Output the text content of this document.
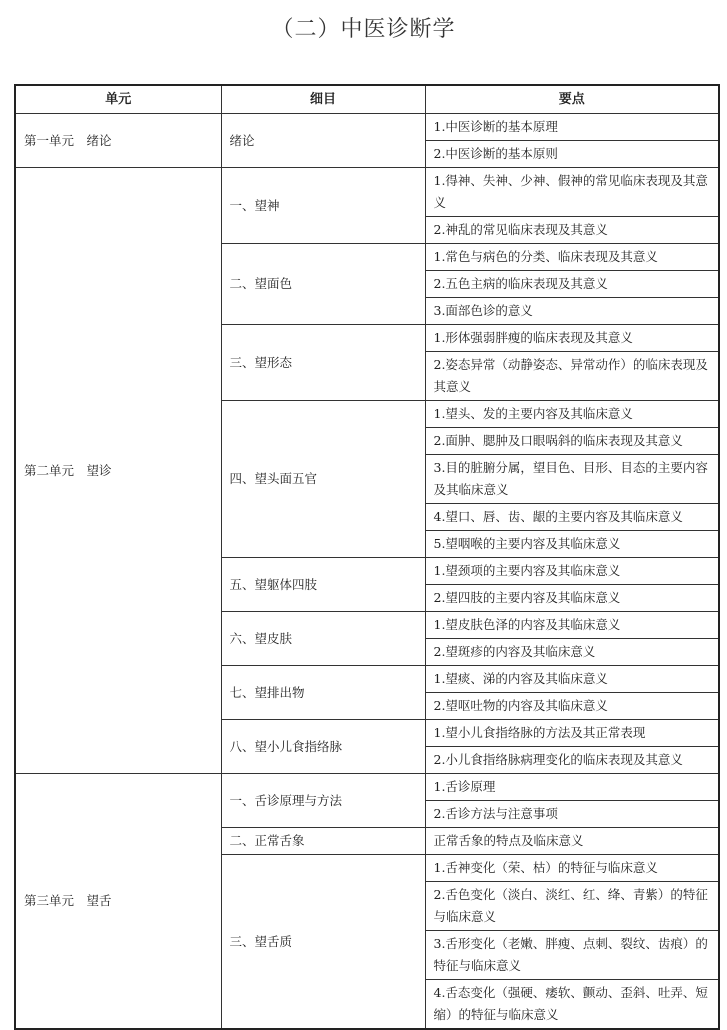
（二）中医诊断学
单元	细目	要点
第一单元　绪论	绪论	1.中医诊断的基本原理
		2.中医诊断的基本原则
第二单元　望诊	一、望神	1.得神、失神、少神、假神的常见临床表现及其意义
		2.神乱的常见临床表现及其意义
	二、望面色	1.常色与病色的分类、临床表现及其意义
		2.五色主病的临床表现及其意义
		3.面部色诊的意义
	三、望形态	1.形体强弱胖瘦的临床表现及其意义
		2.姿态异常（动静姿态、异常动作）的临床表现及其意义
	四、望头面五官	1.望头、发的主要内容及其临床意义
		2.面肿、腮肿及口眼㖞斜的临床表现及其意义
		3.目的脏腑分属，望目色、目形、目态的主要内容及其临床意义
		4.望口、唇、齿、龈的主要内容及其临床意义
		5.望咽喉的主要内容及其临床意义
	五、望躯体四肢	1.望颈项的主要内容及其临床意义
		2.望四肢的主要内容及其临床意义
	六、望皮肤	1.望皮肤色泽的内容及其临床意义
		2.望斑疹的内容及其临床意义
	七、望排出物	1.望痰、涕的内容及其临床意义
		2.望呕吐物的内容及其临床意义
	八、望小儿食指络脉	1.望小儿食指络脉的方法及其正常表现
		2.小儿食指络脉病理变化的临床表现及其意义
第三单元　望舌	一、舌诊原理与方法	1.舌诊原理
		2.舌诊方法与注意事项
	二、正常舌象	正常舌象的特点及临床意义
	三、望舌质	1.舌神变化（荣、枯）的特征与临床意义
		2.舌色变化（淡白、淡红、红、绛、青紫）的特征与临床意义
		3.舌形变化（老嫩、胖瘦、点刺、裂纹、齿痕）的特征与临床意义
		4.舌态变化（强硬、痿软、颤动、歪斜、吐弄、短缩）的特征与临床意义
